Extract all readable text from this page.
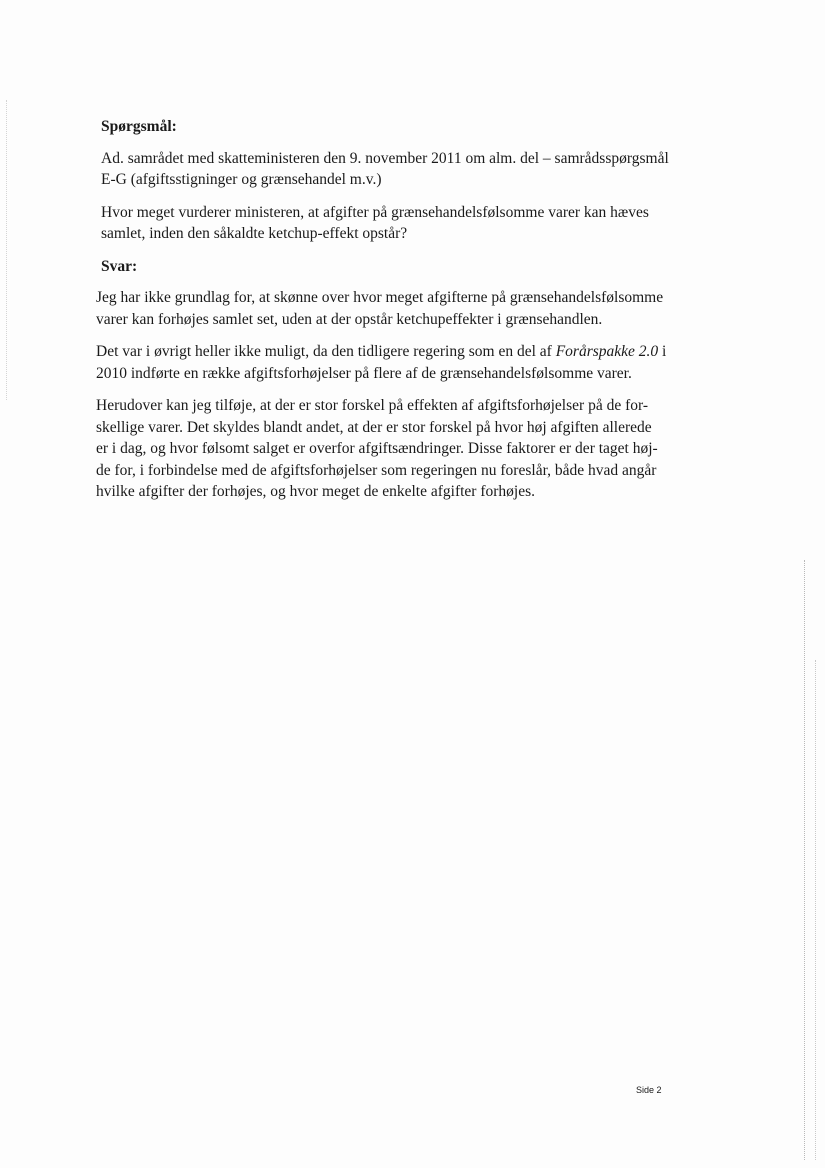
Spørgsmål:
Ad. samrådet med skatteministeren den 9. november 2011 om alm. del – samrådsspørgsmål
E-G (afgiftsstigninger og grænsehandel m.v.)
Hvor meget vurderer ministeren, at afgifter på grænsehandelsfølsomme varer kan hæves
samlet, inden den såkaldte ketchup-effekt opstår?
Svar:
Jeg har ikke grundlag for, at skønne over hvor meget afgifterne på grænsehandelsfølsomme
varer kan forhøjes samlet set, uden at der opstår ketchupeffekter i grænsehandlen.
Det var i øvrigt heller ikke muligt, da den tidligere regering som en del af Forårspakke 2.0 i
2010 indførte en række afgiftsforhøjelser på flere af de grænsehandelsfølsomme varer.
Herudover kan jeg tilføje, at der er stor forskel på effekten af afgiftsforhøjelser på de for-
skellige varer. Det skyldes blandt andet, at der er stor forskel på hvor høj afgiften allerede
er i dag, og hvor følsomt salget er overfor afgiftsændringer. Disse faktorer er der taget høj-
de for, i forbindelse med de afgiftsforhøjelser som regeringen nu foreslår, både hvad angår
hvilke afgifter der forhøjes, og hvor meget de enkelte afgifter forhøjes.
Side 2
